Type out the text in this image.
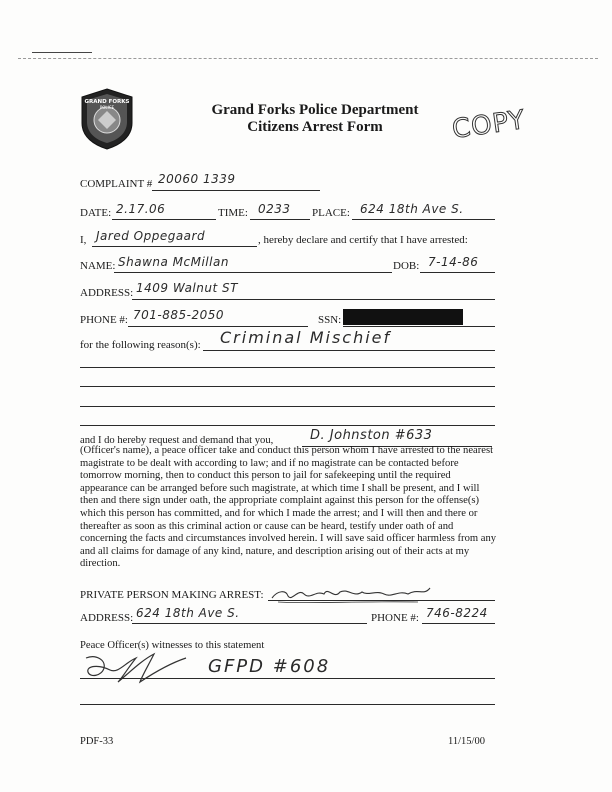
GRAND FORKS
POLICE	Grand Forks Police Department
Citizens Arrest Form	COPY
COMPLAINT # 20060 1339
DATE: 2.17.06	TIME: 0233 PLACE: 624 18th Ave S.
I, Jared Oppegaard	, hereby declare and certify that I have arrested:
NAME: Shawna McMillan	DOB: 7-14-86
ADDRESS: 1409 Walnut ST
PHONE #: 701-885-2050	SSN:
for the following reason(s): Criminal Mischief
and I do hereby request and demand that you,	D. Johnston #633
(Officer's name), a peace officer take and conduct this person whom I have arrested to the nearest magistrate to be dealt with according to law; and if no magistrate can be contacted before tomorrow morning, then to conduct this person to jail for safekeeping until the required appearance can be arranged before such magistrate, at which time I shall be present, and I will then and there sign under oath, the appropriate complaint against this person for the offense(s) which this person has committed, and for which I made the arrest; and I will then and there or thereafter as soon as this criminal action or cause can be heard, testify under oath of and concerning the facts and circumstances involved herein. I will save said officer harmless from any and all claims for damage of any kind, nature, and description arising out of their acts at my direction.
PRIVATE PERSON MAKING ARREST:
ADDRESS: 624 18th Ave S.	PHONE #: 746-8224
Peace Officer(s) witnesses to this statement
GFPD #608
PDF-33	11/15/00
